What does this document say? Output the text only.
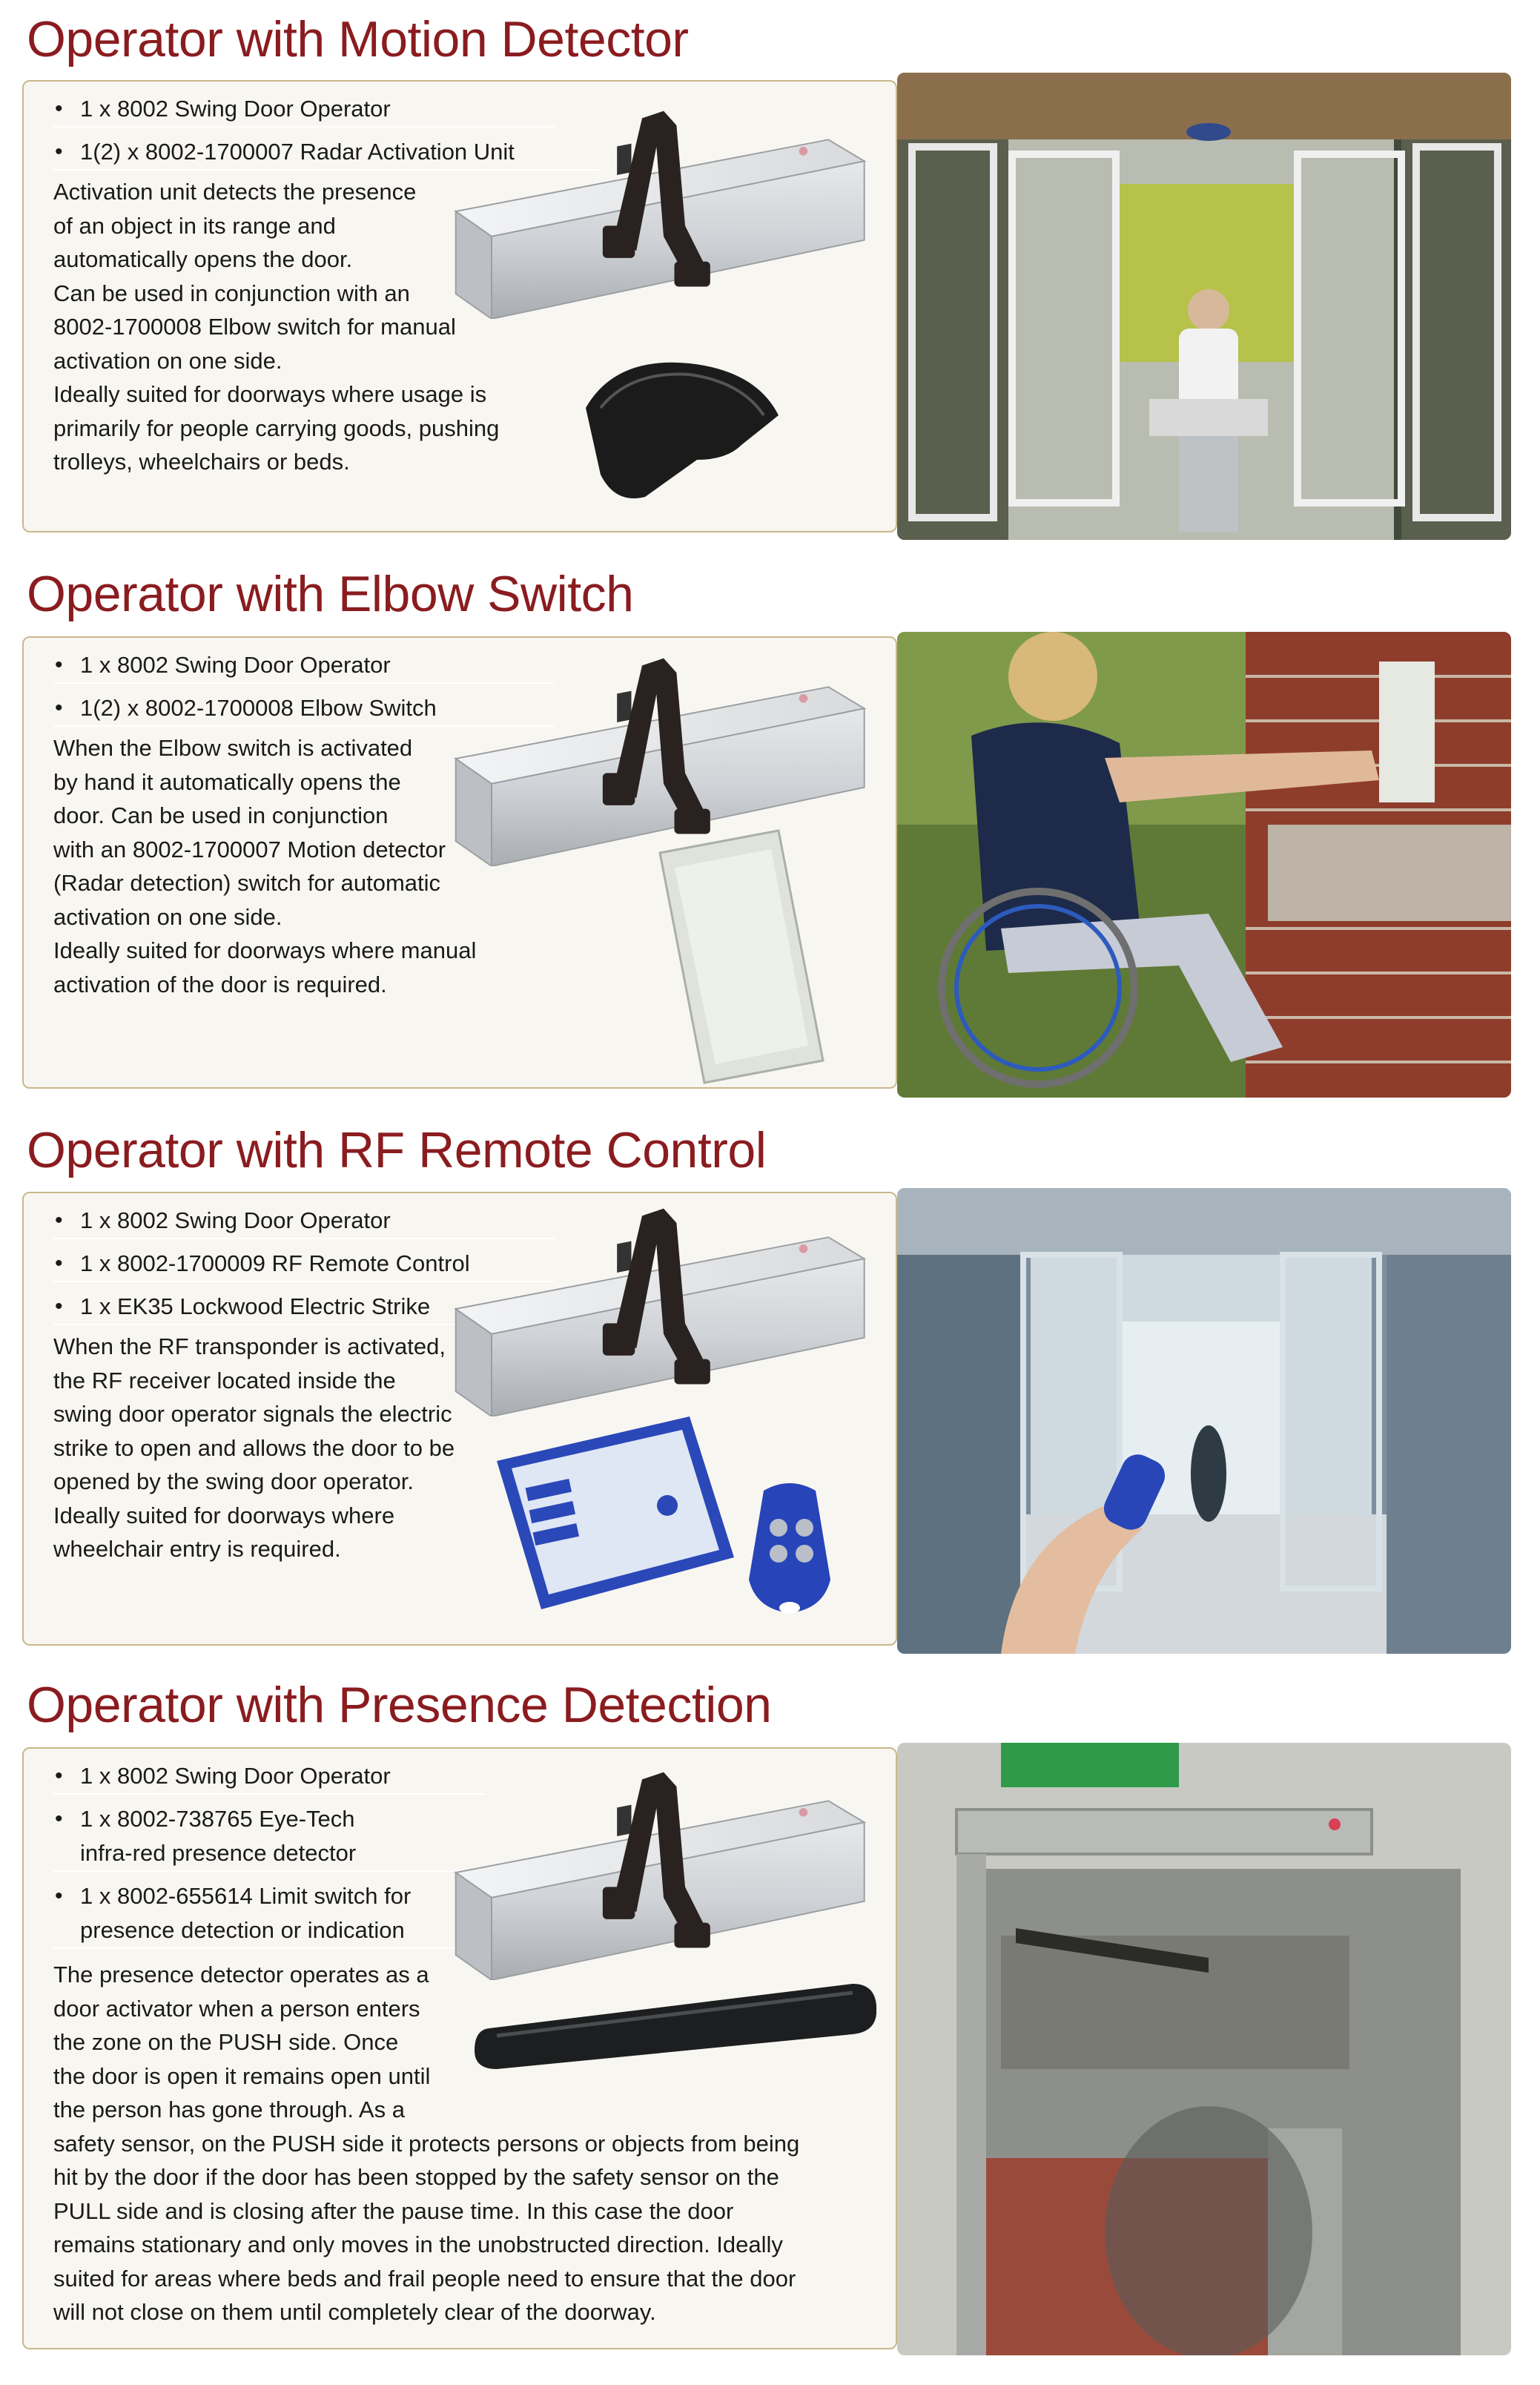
Operator with Motion Detector
• 1 x 8002 Swing Door Operator
• 1(2) x 8002-1700007 Radar Activation Unit
Activation unit detects the presence
of an object in its range and
automatically opens the door.
Can be used in conjunction with an
8002-1700008 Elbow switch for manual
activation on one side.
Ideally suited for doorways where usage is
primarily for people carrying goods, pushing
trolleys, wheelchairs or beds.
Operator with Elbow Switch
• 1 x 8002 Swing Door Operator
• 1(2) x 8002-1700008 Elbow Switch
When the Elbow switch is activated
by hand it automatically opens the
door. Can be used in conjunction
with an 8002-1700007 Motion detector
(Radar detection) switch for automatic
activation on one side.
Ideally suited for doorways where manual
activation of the door is required.
Operator with RF Remote Control
• 1 x 8002 Swing Door Operator
• 1 x 8002-1700009 RF Remote Control
• 1 x EK35 Lockwood Electric Strike
When the RF transponder is activated,
the RF receiver located inside the
swing door operator signals the electric
strike to open and allows the door to be
opened by the swing door operator.
Ideally suited for doorways where
wheelchair entry is required.
Operator with Presence Detection
• 1 x 8002 Swing Door Operator
• 1 x 8002-738765 Eye-Tech
infra-red presence detector
• 1 x 8002-655614 Limit switch for
presence detection or indication
The presence detector operates as a
door activator when a person enters
the zone on the PUSH side. Once
the door is open it remains open until
the person has gone through. As a
safety sensor, on the PUSH side it protects persons or objects from being
hit by the door if the door has been stopped by the safety sensor on the
PULL side and is closing after the pause time. In this case the door
remains stationary and only moves in the unobstructed direction. Ideally
suited for areas where beds and frail people need to ensure that the door
will not close on them until completely clear of the doorway.
